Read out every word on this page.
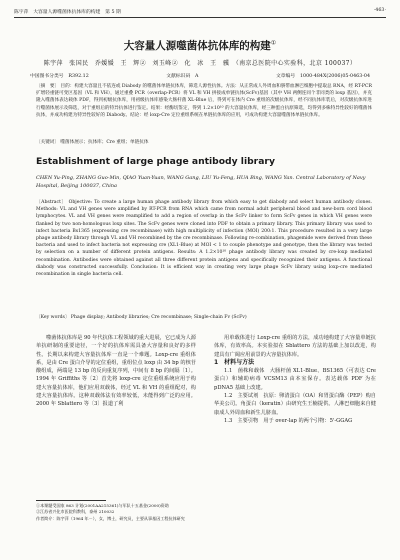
陈宇萍　大容量人源噬菌体抗体库的构建　第 5 期	·463·
大容量人源噬菌体抗体库的构建①
陈宇萍　张国民　乔媛媛　王　辉②　刘玉峰②　化　冰　王　骥　（南京总医院中心实验科，北京 100037）
中国图书分类号　R392.12	文献标识码　A	文章编号　1000-484X(2006)05-0463-04
〔摘　要〕 目的：构建大容量且不依连或 Diabody 的噬菌体单链抗体库，筛选人源性抗体。方法：从正常成人外周血和脐带血淋巴细胞中提取总 RNA，经 RT-PCR 扩增轻重链可变区基因（VL 和 VH），通过重叠 PCR（overlap-PCR）将 VL 和 VH 拼接成单链抗体(ScFv)基因（其中 VH 两侧连同个非同类的 loxp 基因），并克隆入噬菌体表达载体 PDF，得到初级抗体库，用初级抗体库感染大肠杆菌 XL-Blue 后，得到可在体内 Cre 重组的次级抗体库，经不同抗体库装后，对次级抗体库进行噬菌体展示及筛选，对于重组后的特异抗体进行鉴定。结果：经酶切鉴定，得到 1.2×10¹⁰ 的大容量抗体库，经三种蛋白抗原筛选，均得到多株特异性较好的噬菌体抗体，并成功构建为特异性较好的 Diabody。结论：经 loxp-Cre 定位重组系统在单链抗体库的应用，可成功构建大容量噬菌体单链抗体库。
〔关键词〕 噬菌体展示；抗体库；Cre 重组；单链抗体
Establishment of large phage antibody library
CHEN Yu-Ping, ZHANG Guo-Min, QIAO Yuan-Yuan, WANG Gang, LIU Yu-Feng, HUA Bing, WANG Yan. Central Laboratory of Navy Hospital, Beijing 100037, China
〔Abstract〕 Objective: To create a large human phage antibody library from which easy to get diabody and select human antibody clones. Methods: VL and VH genes were amplified by RT-PCR from RNA which came from normal adult peripheral blood and new-born cord blood lymphocytes. VL and VH genes were reamplified to add a region of overlap in the ScFv linker to form ScFv genes in which VH genes were flanked by two non-homologous loxp sites. The ScFv genes were cloned into PDF to obtain a primary library. This primary library was used to infect bacteria Bs1365 (expressing cre recombinase) with high multiplicity of infection (MOI) 200:1. This procedure resulted in a very large phage antibody library through VL and VH recombined by the cre recombinase. Following re-combination, phagemide were derived from these bacteria and used to infect bacteria not expressing cre (XL1-Blue) at MOI < 1 to couple phenotype and genotype, then the library was tested by selection on a number of different protein antigens. Results: A 1.2×10¹⁰ phage antibody library was created by cre-loxp mediated recombination. Antibodies were obtained against all three different protein antigens and specifically recognized their antigens. A functional diabody was constructed successfully. Conclusion: It is efficient way in creating very large phage ScFv library using loxp-cre mediated recombination in single bacteria cell.
〔Key words〕 Phage display; Antibody libraries; Cre recombinase; Single-chain Fv (ScFv)

噬菌体抗体库是 90 年代抗体工程领域的重大进展，它已成为人源单抗研制的重要途径，一个好的抗体库需具备大容量和良好的多样性。长期以来构建大容量抗体库一直是一个难题。Loxp-cre 重组体系，是由 Cre 蛋白介导的定位重组，重组位点 loxp 由 34 bp 的核苷酸组成，两端是 13 bp 的反向重复序列，中间有 8 bp 的间隔〔1〕。1994 年 Griffiths 等〔2〕首先将 loxp-cre 定位重组系统应用于构建大容量抗体库，他们应用双载体，经过 VL 和 VH 的重组配对，构建大容量抗体库。这种双载体法有效率较低，未能得到广泛的应用。2000 年 Sblattero 等〔3〕报道了利

①本课题受国家 863 计划(2001AA215361)与军队十五基金(2000)资助
②江苏省兴化市医院科教科，泰州 210032
作者简介：陈宇萍（1964 年－），女，博士，研究员，主要从事基因工程抗体研究

用单载体进行 Loxp-cre 重组的方法，成功地构建了大容量单链抗体库，有效率高。本实验拟在 Sblattero 方法的基础上加以改进，构建具有广阔应用前景的大容量抗体库。

1　材料与方法

1.1　菌株和载体　大肠杆菌 XL1-Blue、BS1365（可表达 Cre 蛋白）和辅助病毒 VCSM13 由本室保存。表达载体 PDF 为在 pDNA5 基础上改建。

1.2　主要试剂　抗原：卵清蛋白（OA）和胃蛋白酶（PEP）购自华美公司。角蛋白（keratin）由研究生王楠提供。人淋巴细胞来自健康成人外周血和新生儿脐血。

1.3　主要引物　用于 over-lap 的两个引物：5'-GGAG
